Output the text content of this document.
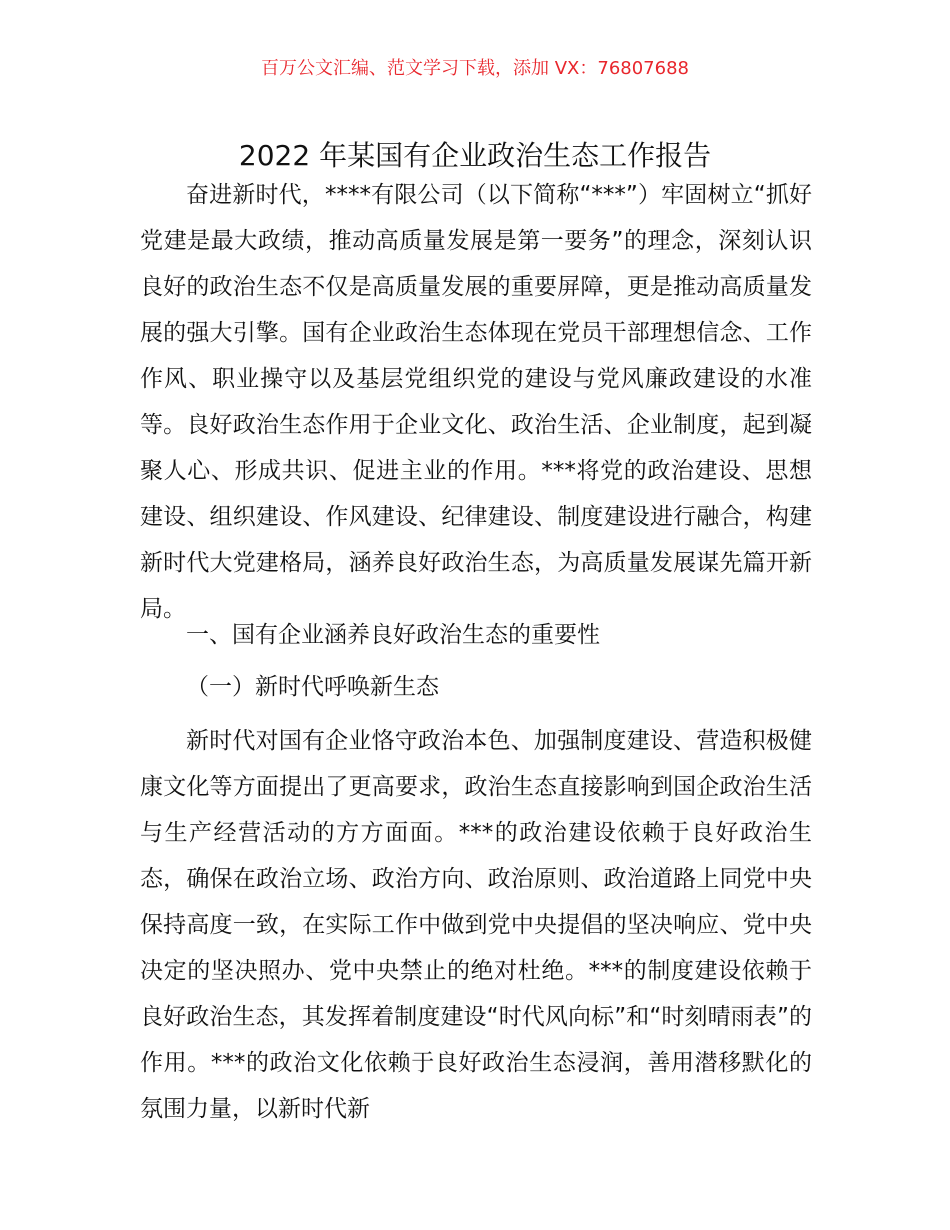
百万公文汇编、范文学习下载，添加 VX：76807688
2022 年某国有企业政治生态工作报告

奋进新时代，****有限公司（以下简称“***”）牢固树立“抓好党建是最大政绩，推动高质量发展是第一要务”的理念，深刻认识良好的政治生态不仅是高质量发展的重要屏障，更是推动高质量发展的强大引擎。国有企业政治生态体现在党员干部理想信念、工作作风、职业操守以及基层党组织党的建设与党风廉政建设的水准等。良好政治生态作用于企业文化、政治生活、企业制度，起到凝聚人心、形成共识、促进主业的作用。***将党的政治建设、思想建设、组织建设、作风建设、纪律建设、制度建设进行融合，构建新时代大党建格局，涵养良好政治生态，为高质量发展谋先篇开新局。

一、国有企业涵养良好政治生态的重要性

（一）新时代呼唤新生态

新时代对国有企业恪守政治本色、加强制度建设、营造积极健康文化等方面提出了更高要求，政治生态直接影响到国企政治生活与生产经营活动的方方面面。***的政治建设依赖于良好政治生态，确保在政治立场、政治方向、政治原则、政治道路上同党中央保持高度一致，在实际工作中做到党中央提倡的坚决响应、党中央决定的坚决照办、党中央禁止的绝对杜绝。***的制度建设依赖于良好政治生态，其发挥着制度建设“时代风向标”和“时刻晴雨表”的作用。***的政治文化依赖于良好政治生态浸润，善用潜移默化的氛围力量，以新时代新
